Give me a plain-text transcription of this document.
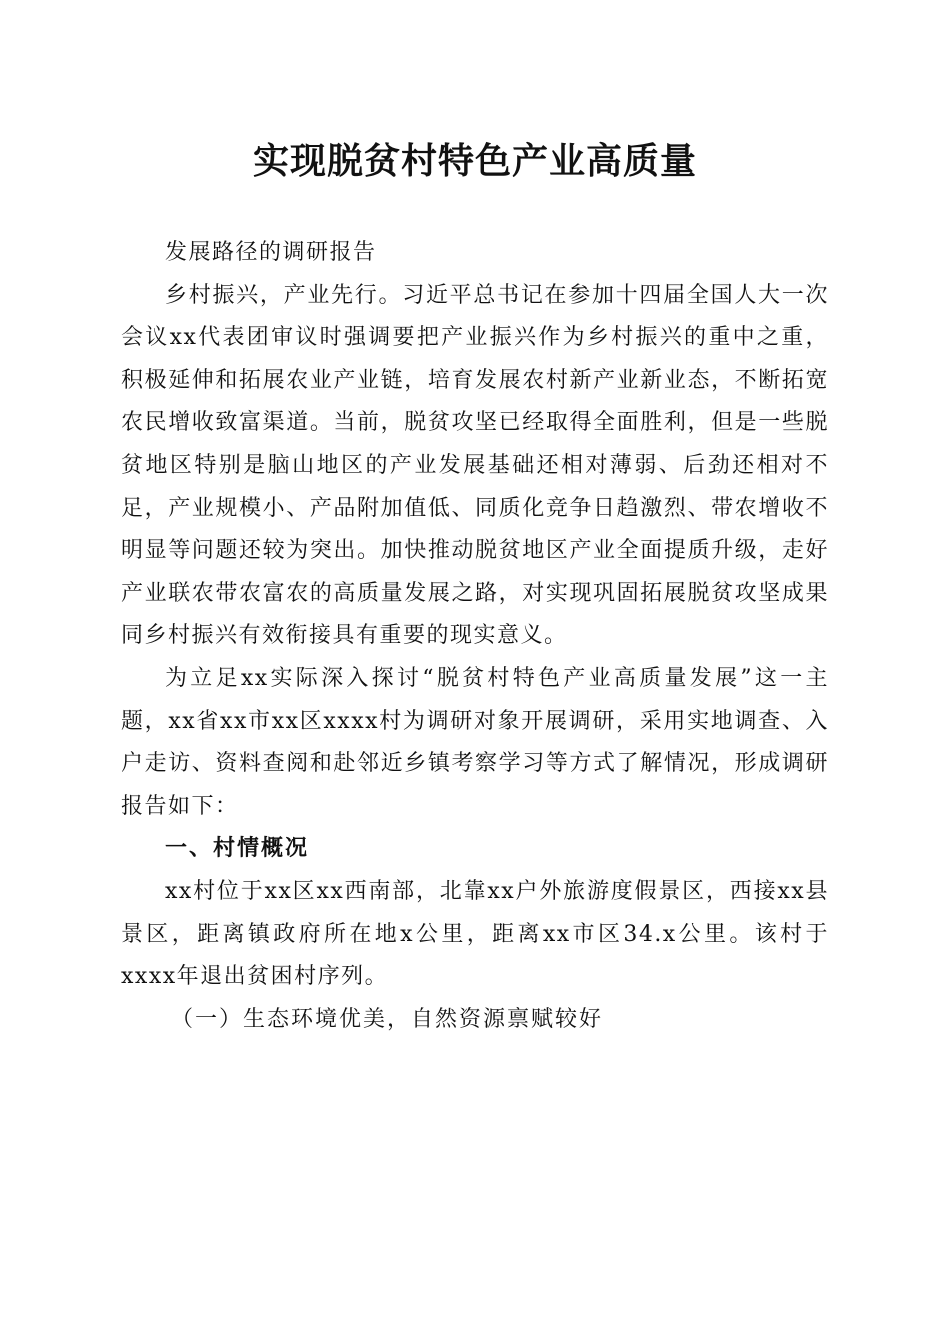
实现脱贫村特色产业高质量

发展路径的调研报告

乡村振兴，产业先行。习近平总书记在参加十四届全国人大一次会议xx代表团审议时强调要把产业振兴作为乡村振兴的重中之重，积极延伸和拓展农业产业链，培育发展农村新产业新业态，不断拓宽农民增收致富渠道。当前，脱贫攻坚已经取得全面胜利，但是一些脱贫地区特别是脑山地区的产业发展基础还相对薄弱、后劲还相对不足，产业规模小、产品附加值低、同质化竞争日趋激烈、带农增收不明显等问题还较为突出。加快推动脱贫地区产业全面提质升级，走好产业联农带农富农的高质量发展之路，对实现巩固拓展脱贫攻坚成果同乡村振兴有效衔接具有重要的现实意义。

为立足xx实际深入探讨“脱贫村特色产业高质量发展”这一主题，xx省xx市xx区xxxx村为调研对象开展调研，采用实地调查、入户走访、资料查阅和赴邻近乡镇考察学习等方式了解情况，形成调研报告如下：

一、村情概况

xx村位于xx区xx西南部，北靠xx户外旅游度假景区，西接xx县景区，距离镇政府所在地x公里，距离xx市区34.x公里。该村于xxxx年退出贫困村序列。

（一）生态环境优美，自然资源禀赋较好
